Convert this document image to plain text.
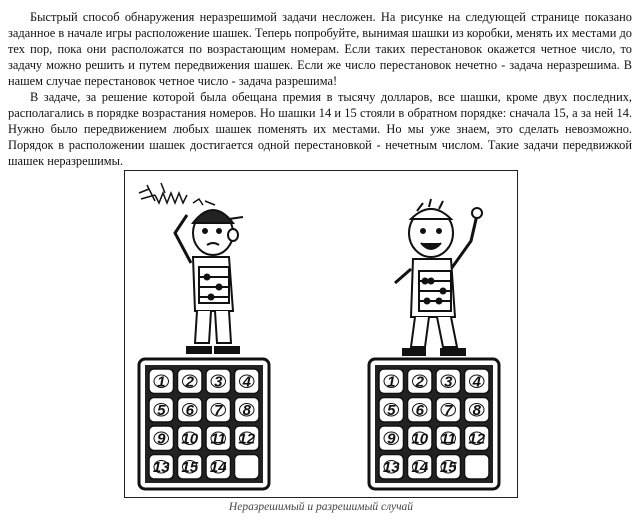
Быстрый способ обнаружения неразрешимой задачи несложен. На рисунке на следующей странице показано заданное в начале игры расположение шашек. Теперь попробуйте, вынимая шашки из коробки, менять их местами до тех пор, пока они расположатся по возрастающим номерам. Если таких перестановок окажется четное число, то задачу можно решить и путем передвижения шашек. Если же число перестановок нечетно - задача неразрешима. В нашем случае перестановок четное число - задача разрешима!

В задаче, за решение которой была обещана премия в тысячу долларов, все шашки, кроме двух последних, располагались в порядке возрастания номеров. Но шашки 14 и 15 стояли в обратном порядке: сначала 15, а за ней 14. Нужно было передвижением любых шашек поменять их местами. Но мы уже знаем, это сделать невозможно. Порядок в расположении шашек достигается одной перестановкой - нечетным числом. Такие задачи передвижкой шашек неразрешимы.

1 2 3 4
5 6 7 8
9 10 11 12
13 15 14
1 2 3 4
5 6 7 8
9 10 11 12
13 14 15
Неразрешимый и разрешимый случай
